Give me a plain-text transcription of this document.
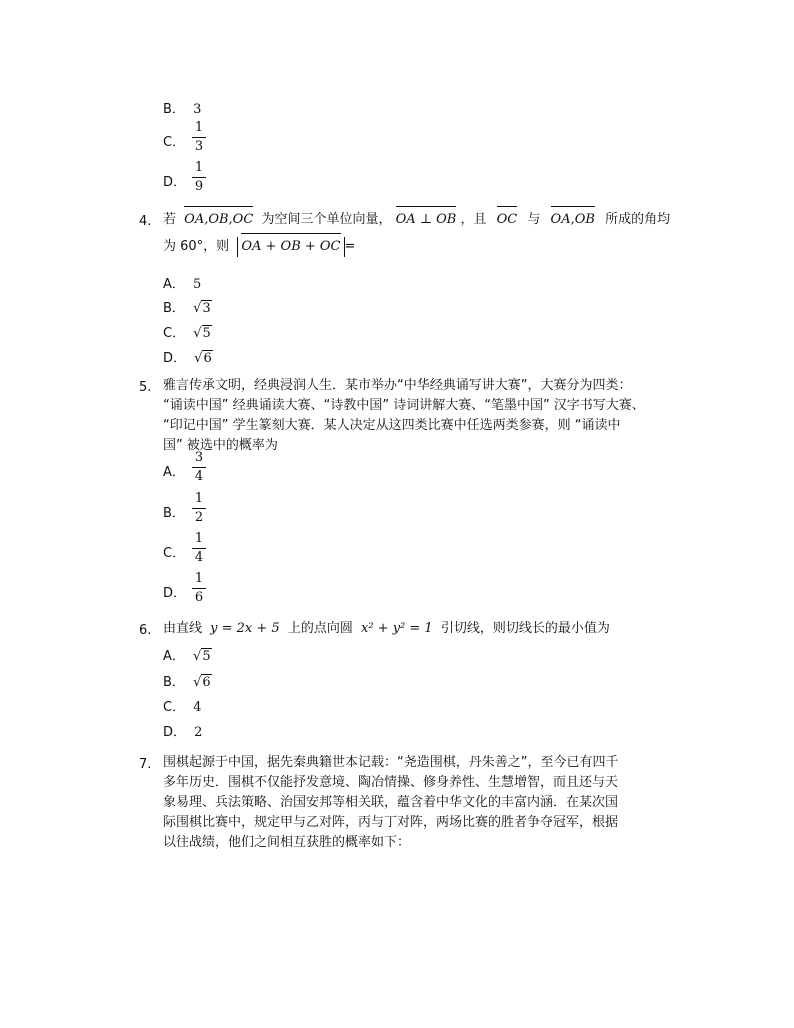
B． 3
C．
1
3
D．
1
9
4. 若 OA,OB,OC 为空间三个单位向量， OA ⊥ OB ，且 OC 与 OA,OB 所成的角均
为 60°，则 OA + OB + OC =
A． 5
B． √3
C． √5
D． √6
5. 雅言传承文明，经典浸润人生．某市举办“中华经典诵写讲大赛”，大赛分为四类：
“诵读中国” 经典诵读大赛、“诗教中国” 诗词讲解大赛、“笔墨中国” 汉字书写大赛、
“印记中国” 学生篆刻大赛．某人决定从这四类比赛中任选两类参赛，则 “诵读中
国” 被选中的概率为
A．
3
4
B．
1
2
C．
1
4
D．
1
6
6. 由直线 y = 2x + 5 上的点向圆 x² + y² = 1 引切线，则切线长的最小值为
A． √5
B． √6
C． 4
D． 2
7. 围棋起源于中国，据先秦典籍世本记载：“尧造围棋，丹朱善之”，至今已有四千
多年历史．围棋不仅能抒发意境、陶冶情操、修身养性、生慧增智，而且还与天
象易理、兵法策略、治国安邦等相关联，蕴含着中华文化的丰富内涵．在某次国
际围棋比赛中，规定甲与乙对阵，丙与丁对阵，两场比赛的胜者争夺冠军，根据
以往战绩，他们之间相互获胜的概率如下：
